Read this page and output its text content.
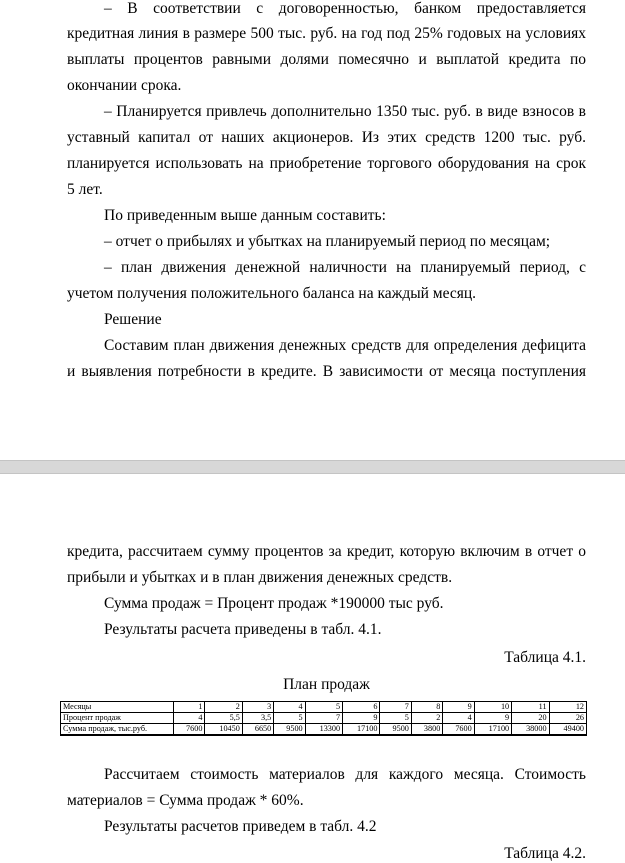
– В соответствии с договоренностью, банком предоставляется
кредитная линия в размере 500 тыс. руб. на год под 25% годовых на условиях
выплаты процентов равными долями помесячно и выплатой кредита по
окончании срока.
– Планируется привлечь дополнительно 1350 тыс. руб. в виде взносов в
уставный капитал от наших акционеров. Из этих средств 1200 тыс. руб.
планируется использовать на приобретение торгового оборудования на срок
5 лет.
По приведенным выше данным составить:
– отчет о прибылях и убытках на планируемый период по месяцам;
– план движения денежной наличности на планируемый период, с
учетом получения положительного баланса на каждый месяц.
Решение
Составим план движения денежных средств для определения дефицита
и выявления потребности в кредите. В зависимости от месяца поступления
кредита, рассчитаем сумму процентов за кредит, которую включим в отчет о
прибыли и убытках и в план движения денежных средств.
Сумма продаж = Процент продаж *190000 тыс руб.
Результаты расчета приведены в табл. 4.1.
Таблица 4.1.
План продаж
Месяцы	1	2	3	4	5	6	7	8	9	10	11	12
Процент продаж	4	5,5	3,5	5	7	9	5	2	4	9	20	26
Сумма продаж, тыс.руб.	7600	10450	6650	9500	13300	17100	9500	3800	7600	17100	38000	49400
Рассчитаем стоимость материалов для каждого месяца. Стоимость
материалов = Сумма продаж * 60%.
Результаты расчетов приведем в табл. 4.2
Таблица 4.2.
